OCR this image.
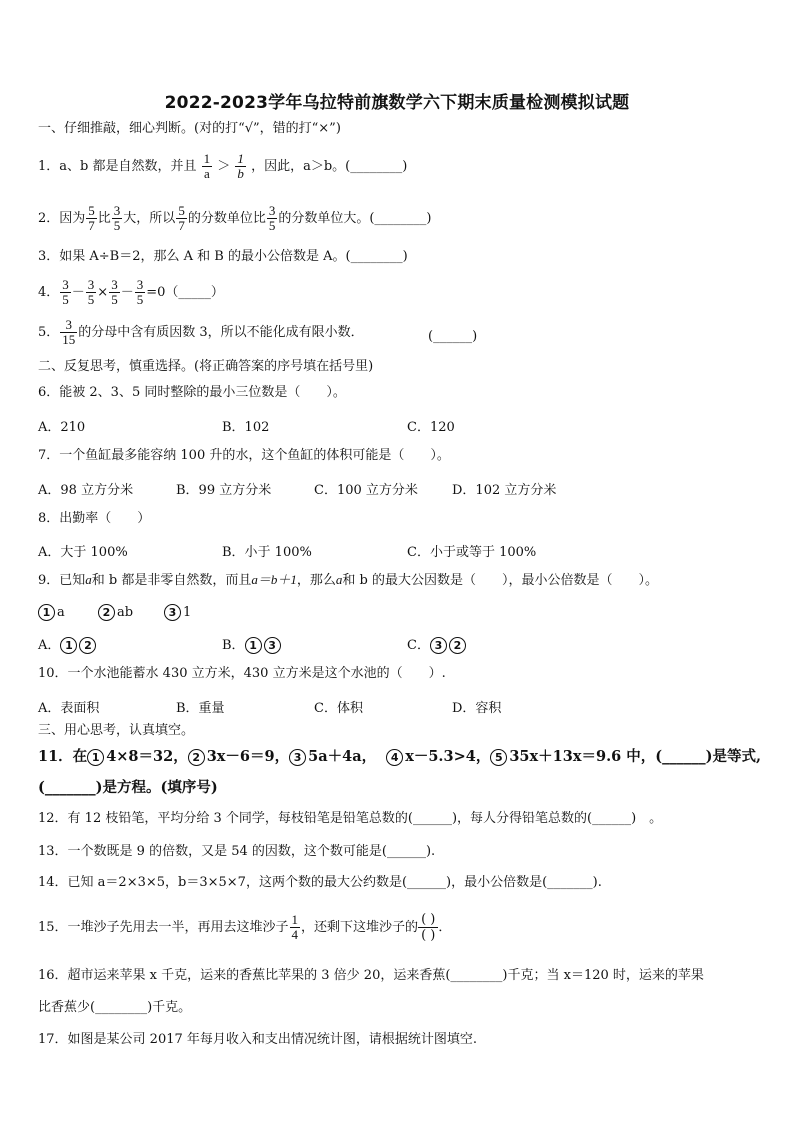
2022-2023学年乌拉特前旗数学六下期末质量检测模拟试题
一、仔细推敲，细心判断。(对的打“√”，错的打“×”)
1．a、b 都是自然数，并且 $\frac{1}{a} > \frac{1}{b}$ ，因此，a＞b。(________)
2．因为 $\frac{5}{7}$ 比 $\frac{3}{5}$ 大，所以 $\frac{5}{7}$ 的分数单位比 $\frac{3}{5}$ 的分数单位大。(________)
3．如果 A÷B＝2，那么 A 和 B 的最小公倍数是 A。(________)
4． $\frac{3}{5} - \frac{3}{5} \times \frac{3}{5} - \frac{3}{5}$ =0（_____）
5． $\frac{3}{15}$ 的分母中含有质因数 3，所以不能化成有限小数．	(______)
二、反复思考，慎重选择。(将正确答案的序号填在括号里)
6．能被 2、3、5 同时整除的最小三位数是（　　）。
A．210	B．102	C．120
7．一个鱼缸最多能容纳 100 升的水，这个鱼缸的体积可能是（　　）。
A．98 立方分米	B．99 立方分米	C．100 立方分米	D．102 立方分米
8．出勤率（　　）
A．大于 100%	B．小于 100%	C．小于或等于 100%
9．已知a和 b 都是非零自然数，而且a＝b＋1，那么a和 b 的最大公因数是（　　），最小公倍数是（　　）。
1 a	2 ab	3 1
A． 1 2	B． 1 3	C． 3 2
10．一个水池能蓄水 430 立方米，430 立方米是这个水池的（　　）.
A．表面积	B．重量	C．体积	D．容积
三、用心思考，认真填空。
11．在 1 4×8＝32， 2 3x－6＝9， 3 5a＋4a， 4 x－5.3>4， 5 35x＋13x＝9.6 中，(______)是等式,
(_______)是方程。(填序号)
12．有 12 枝铅笔，平均分给 3 个同学，每枝铅笔是铅笔总数的(______)，每人分得铅笔总数的(______)　。
13．一个数既是 9 的倍数，又是 54 的因数，这个数可能是(______).
14．已知 a＝2×3×5，b＝3×5×7，这两个数的最大公约数是(______)，最小公倍数是(_______).
15．一堆沙子先用去一半，再用去这堆沙子 $\frac{1}{4}$ ，还剩下这堆沙子的 $\frac{( )}{( )}$．
16．超市运来苹果 x 千克，运来的香蕉比苹果的 3 倍少 20，运来香蕉(________)千克；当 x＝120 时，运来的苹果
比香蕉少(________)千克。
17．如图是某公司 2017 年每月收入和支出情况统计图，请根据统计图填空.
